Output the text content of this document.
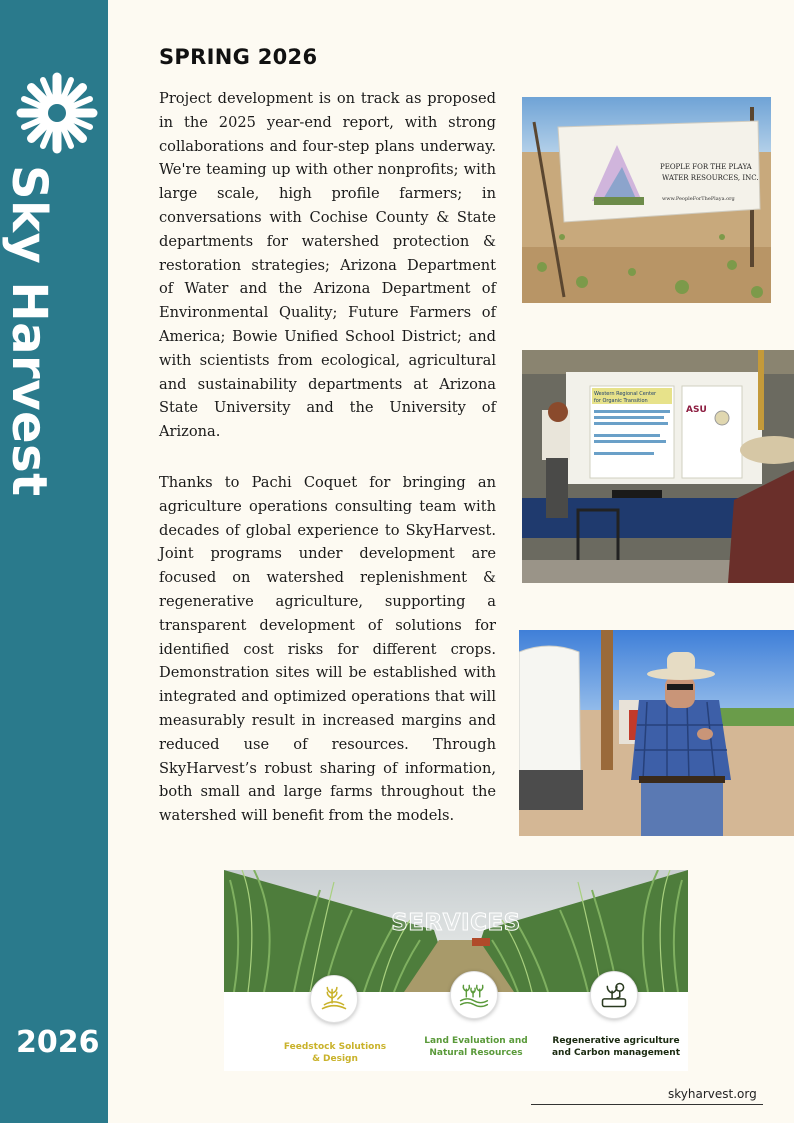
Sky Harvest
2026
SPRING 2026

Project development is on track as proposed in the 2025 year-end report, with strong collaborations and four-step plans underway. We're teaming up with other nonprofits; with large scale, high profile farmers; in conversations with Cochise County & State departments for watershed protection & restoration strategies; Arizona Department of Water and the Arizona Department of Environmental Quality; Future Farmers of America; Bowie Unified School District; and with scientists from ecological, agricultural and sustainability departments at Arizona State University and the University of Arizona.

Thanks to Pachi Coquet for bringing an agriculture operations consulting team with decades of global experience to SkyHarvest. Joint programs under development are focused on watershed replenishment & regenerative agriculture, supporting a transparent development of solutions for identified cost risks for different crops. Demonstration sites will be established with integrated and optimized operations that will measurably result in increased margins and reduced use of resources. Through SkyHarvest’s robust sharing of information, both small and large farms throughout the watershed will benefit from the models.

PEOPLE FOR THE PLAYA
WATER RESOURCES, INC.
www.PeopleForThePlaya.org
Western Regional Center
for Organic Transition
ASU
SERVICES
Feedstock Solutions
& Design
Land Evaluation and
Natural Resources
Regenerative agriculture
and Carbon management
skyharvest.org
